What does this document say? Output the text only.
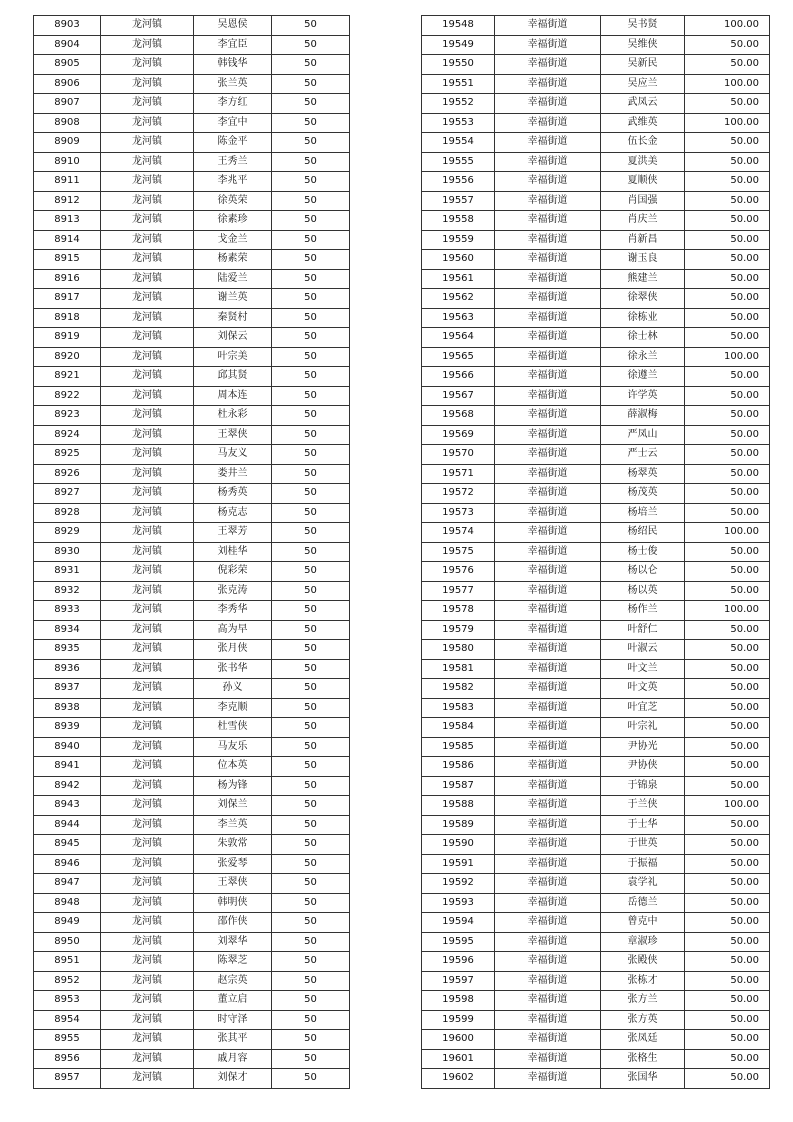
8903	龙河镇	吴恩侯	50
8904	龙河镇	李宜臣	50
8905	龙河镇	韩钱华	50
8906	龙河镇	张兰英	50
8907	龙河镇	李方红	50
8908	龙河镇	李宜中	50
8909	龙河镇	陈金平	50
8910	龙河镇	王秀兰	50
8911	龙河镇	李兆平	50
8912	龙河镇	徐英荣	50
8913	龙河镇	徐素珍	50
8914	龙河镇	戈金兰	50
8915	龙河镇	杨素荣	50
8916	龙河镇	陆爱兰	50
8917	龙河镇	谢兰英	50
8918	龙河镇	秦贤村	50
8919	龙河镇	刘保云	50
8920	龙河镇	叶宗美	50
8921	龙河镇	邱其贤	50
8922	龙河镇	周本连	50
8923	龙河镇	杜永彩	50
8924	龙河镇	王翠侠	50
8925	龙河镇	马友义	50
8926	龙河镇	娄井兰	50
8927	龙河镇	杨秀英	50
8928	龙河镇	杨克志	50
8929	龙河镇	王翠芳	50
8930	龙河镇	刘桂华	50
8931	龙河镇	倪彩荣	50
8932	龙河镇	张克涛	50
8933	龙河镇	李秀华	50
8934	龙河镇	高为早	50
8935	龙河镇	张月侠	50
8936	龙河镇	张书华	50
8937	龙河镇	孙义	50
8938	龙河镇	李克顺	50
8939	龙河镇	杜雪侠	50
8940	龙河镇	马友乐	50
8941	龙河镇	位本英	50
8942	龙河镇	杨为锋	50
8943	龙河镇	刘保兰	50
8944	龙河镇	李兰英	50
8945	龙河镇	朱敦常	50
8946	龙河镇	张爱琴	50
8947	龙河镇	王翠侠	50
8948	龙河镇	韩明侠	50
8949	龙河镇	邵作侠	50
8950	龙河镇	刘翠华	50
8951	龙河镇	陈翠芝	50
8952	龙河镇	赵宗英	50
8953	龙河镇	董立启	50
8954	龙河镇	时守泽	50
8955	龙河镇	张其平	50
8956	龙河镇	戚月容	50
8957	龙河镇	刘保才	50
19548	幸福街道	吴书贤	100.00
19549	幸福街道	吴维侠	50.00
19550	幸福街道	吴新民	50.00
19551	幸福街道	吴应兰	100.00
19552	幸福街道	武凤云	50.00
19553	幸福街道	武维英	100.00
19554	幸福街道	伍长金	50.00
19555	幸福街道	夏洪美	50.00
19556	幸福街道	夏顺侠	50.00
19557	幸福街道	肖国强	50.00
19558	幸福街道	肖庆兰	50.00
19559	幸福街道	肖新昌	50.00
19560	幸福街道	谢玉良	50.00
19561	幸福街道	熊建兰	50.00
19562	幸福街道	徐翠侠	50.00
19563	幸福街道	徐栋业	50.00
19564	幸福街道	徐士林	50.00
19565	幸福街道	徐永兰	100.00
19566	幸福街道	徐遵兰	50.00
19567	幸福街道	许学英	50.00
19568	幸福街道	薛淑梅	50.00
19569	幸福街道	严凤山	50.00
19570	幸福街道	严士云	50.00
19571	幸福街道	杨翠英	50.00
19572	幸福街道	杨茂英	50.00
19573	幸福街道	杨培兰	50.00
19574	幸福街道	杨绍民	100.00
19575	幸福街道	杨士俊	50.00
19576	幸福街道	杨以仑	50.00
19577	幸福街道	杨以英	50.00
19578	幸福街道	杨作兰	100.00
19579	幸福街道	叶舒仁	50.00
19580	幸福街道	叶淑云	50.00
19581	幸福街道	叶文兰	50.00
19582	幸福街道	叶文英	50.00
19583	幸福街道	叶宜芝	50.00
19584	幸福街道	叶宗礼	50.00
19585	幸福街道	尹协光	50.00
19586	幸福街道	尹协侠	50.00
19587	幸福街道	于锦泉	50.00
19588	幸福街道	于兰侠	100.00
19589	幸福街道	于士华	50.00
19590	幸福街道	于世英	50.00
19591	幸福街道	于振福	50.00
19592	幸福街道	袁学礼	50.00
19593	幸福街道	岳德兰	50.00
19594	幸福街道	曾克中	50.00
19595	幸福街道	章淑珍	50.00
19596	幸福街道	张殿侠	50.00
19597	幸福街道	张栋才	50.00
19598	幸福街道	张方兰	50.00
19599	幸福街道	张方英	50.00
19600	幸福街道	张凤廷	50.00
19601	幸福街道	张格生	50.00
19602	幸福街道	张国华	50.00
